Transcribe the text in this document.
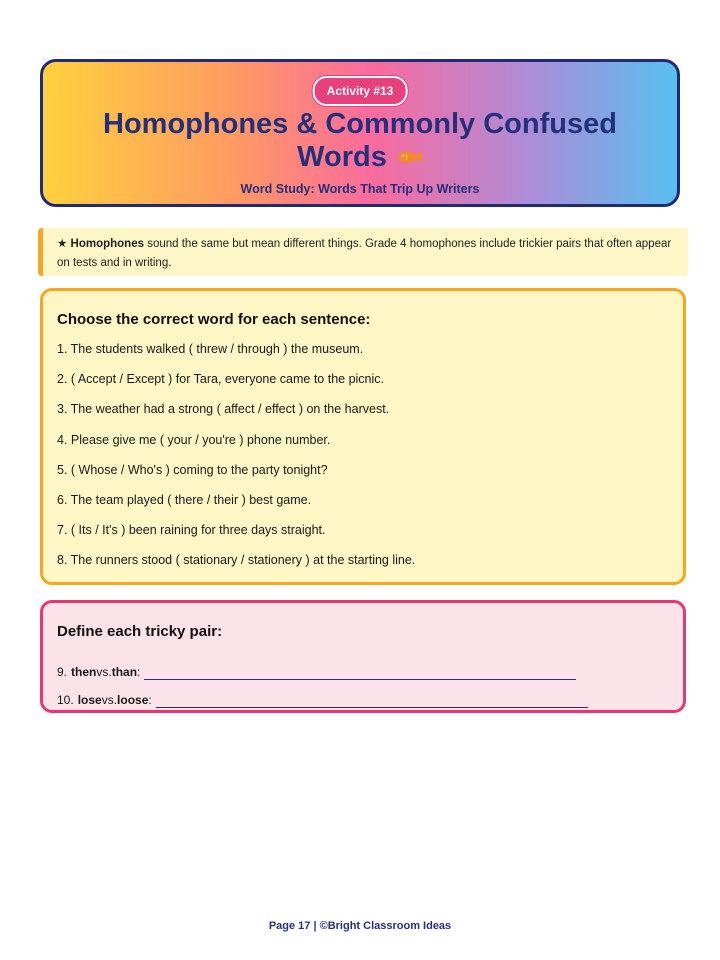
Activity #13
Homophones & Commonly Confused
Words
Word Study: Words That Trip Up Writers
★ Homophones sound the same but mean different things. Grade 4 homophones include trickier pairs that often appear on tests and in writing.
Choose the correct word for each sentence:
1. The students walked ( threw / through ) the museum.
2. ( Accept / Except ) for Tara, everyone came to the picnic.
3. The weather had a strong ( affect / effect ) on the harvest.
4. Please give me ( your / you're ) phone number.
5. ( Whose / Who's ) coming to the party tonight?
6. The team played ( there / their ) best game.
7. ( Its / It's ) been raining for three days straight.
8. The runners stood ( stationary / stationery ) at the starting line.
Define each tricky pair:
9. then vs. than :
10. lose vs. loose :
Page 17 | ©Bright Classroom Ideas
